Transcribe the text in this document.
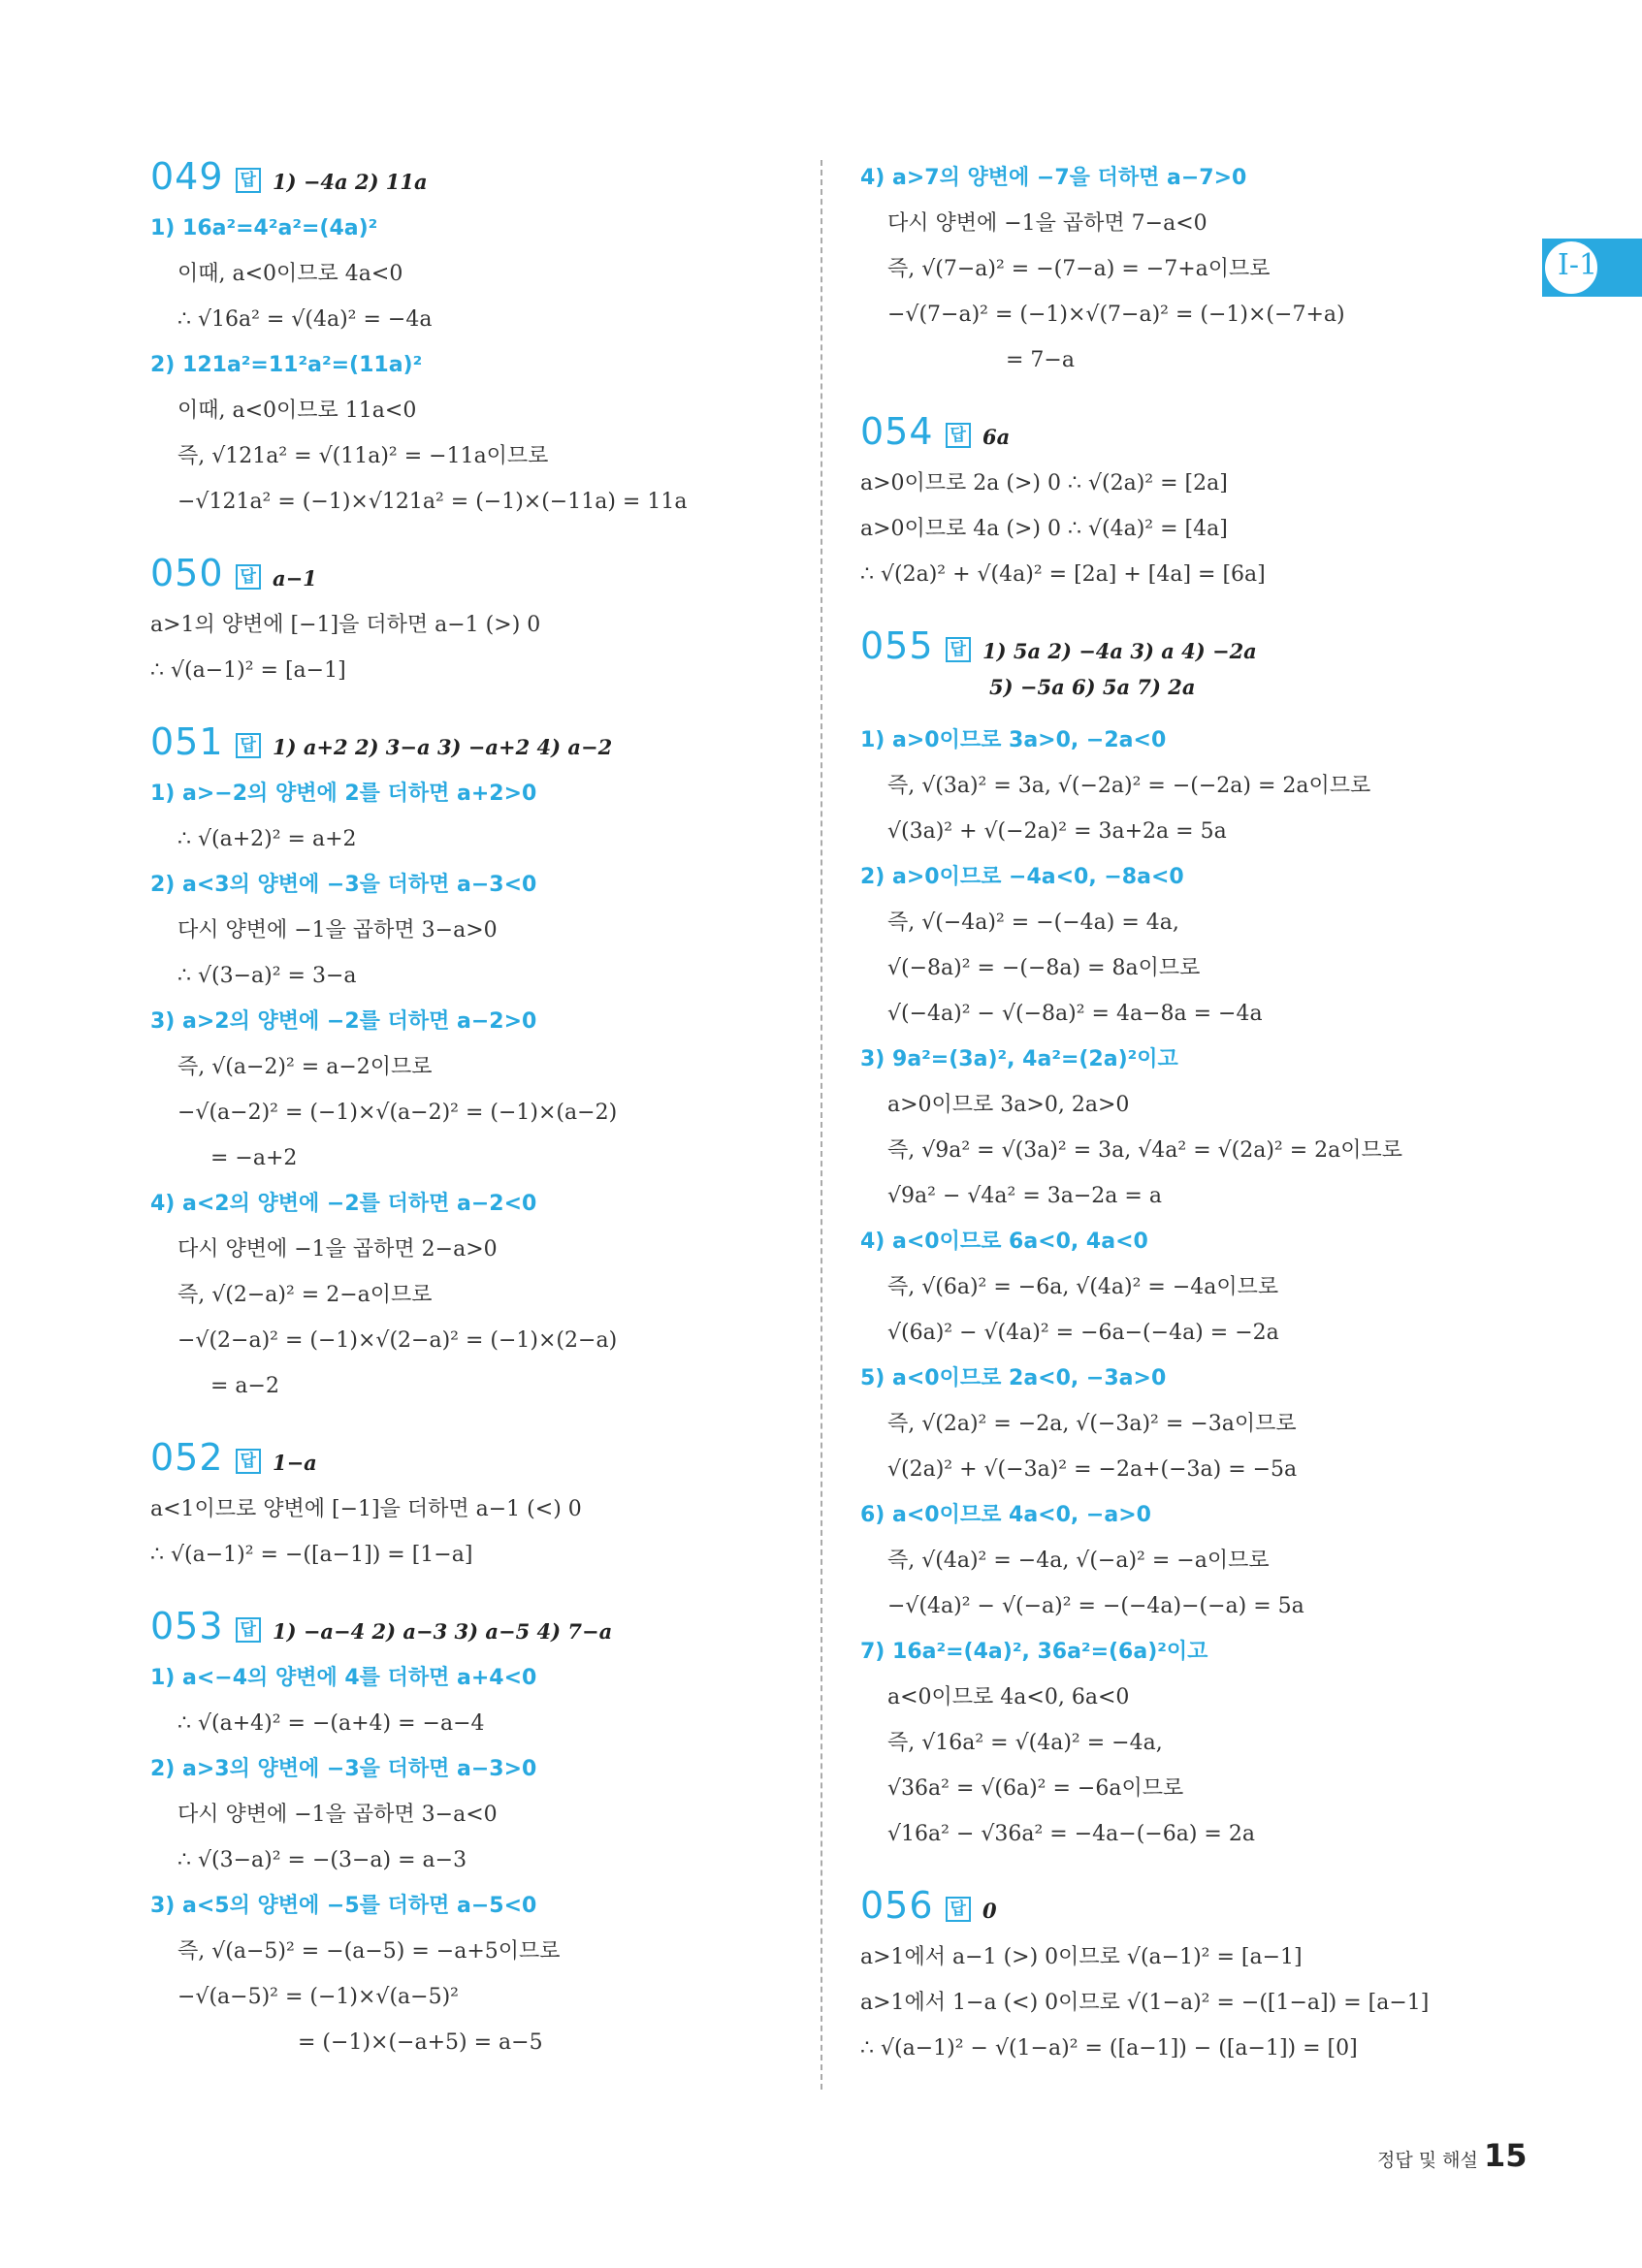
Ⅰ-1
049 답 1) −4a 2) 11a
1) 16a²=4²a²=(4a)²
이때, a<0이므로 4a<0
∴ √16a² = √(4a)² = −4a
2) 121a²=11²a²=(11a)²
이때, a<0이므로 11a<0
즉, √121a² = √(11a)² = −11a이므로
−√121a² = (−1)×√121a² = (−1)×(−11a) = 11a
050 답 a−1
a>1의 양변에 [−1]을 더하면 a−1 (>) 0
∴ √(a−1)² = [a−1]
051 답 1) a+2 2) 3−a 3) −a+2 4) a−2
1) a>−2의 양변에 2를 더하면 a+2>0
∴ √(a+2)² = a+2
2) a<3의 양변에 −3을 더하면 a−3<0
다시 양변에 −1을 곱하면 3−a>0
∴ √(3−a)² = 3−a
3) a>2의 양변에 −2를 더하면 a−2>0
즉, √(a−2)² = a−2이므로
−√(a−2)² = (−1)×√(a−2)² = (−1)×(a−2)
= −a+2
4) a<2의 양변에 −2를 더하면 a−2<0
다시 양변에 −1을 곱하면 2−a>0
즉, √(2−a)² = 2−a이므로
−√(2−a)² = (−1)×√(2−a)² = (−1)×(2−a)
= a−2
052 답 1−a
a<1이므로 양변에 [−1]을 더하면 a−1 (<) 0
∴ √(a−1)² = −([a−1]) = [1−a]
053 답 1) −a−4 2) a−3 3) a−5 4) 7−a
1) a<−4의 양변에 4를 더하면 a+4<0
∴ √(a+4)² = −(a+4) = −a−4
2) a>3의 양변에 −3을 더하면 a−3>0
다시 양변에 −1을 곱하면 3−a<0
∴ √(3−a)² = −(3−a) = a−3
3) a<5의 양변에 −5를 더하면 a−5<0
즉, √(a−5)² = −(a−5) = −a+5이므로
−√(a−5)² = (−1)×√(a−5)²
= (−1)×(−a+5) = a−5
4) a>7의 양변에 −7을 더하면 a−7>0
다시 양변에 −1을 곱하면 7−a<0
즉, √(7−a)² = −(7−a) = −7+a이므로
−√(7−a)² = (−1)×√(7−a)² = (−1)×(−7+a)
= 7−a
054 답 6a
a>0이므로 2a (>) 0 ∴ √(2a)² = [2a]
a>0이므로 4a (>) 0 ∴ √(4a)² = [4a]
∴ √(2a)² + √(4a)² = [2a] + [4a] = [6a]
055 답 1) 5a 2) −4a 3) a 4) −2a
5) −5a 6) 5a 7) 2a
1) a>0이므로 3a>0, −2a<0
즉, √(3a)² = 3a, √(−2a)² = −(−2a) = 2a이므로
√(3a)² + √(−2a)² = 3a+2a = 5a
2) a>0이므로 −4a<0, −8a<0
즉, √(−4a)² = −(−4a) = 4a,
√(−8a)² = −(−8a) = 8a이므로
√(−4a)² − √(−8a)² = 4a−8a = −4a
3) 9a²=(3a)², 4a²=(2a)²이고
a>0이므로 3a>0, 2a>0
즉, √9a² = √(3a)² = 3a, √4a² = √(2a)² = 2a이므로
√9a² − √4a² = 3a−2a = a
4) a<0이므로 6a<0, 4a<0
즉, √(6a)² = −6a, √(4a)² = −4a이므로
√(6a)² − √(4a)² = −6a−(−4a) = −2a
5) a<0이므로 2a<0, −3a>0
즉, √(2a)² = −2a, √(−3a)² = −3a이므로
√(2a)² + √(−3a)² = −2a+(−3a) = −5a
6) a<0이므로 4a<0, −a>0
즉, √(4a)² = −4a, √(−a)² = −a이므로
−√(4a)² − √(−a)² = −(−4a)−(−a) = 5a
7) 16a²=(4a)², 36a²=(6a)²이고
a<0이므로 4a<0, 6a<0
즉, √16a² = √(4a)² = −4a,
√36a² = √(6a)² = −6a이므로
√16a² − √36a² = −4a−(−6a) = 2a
056 답 0
a>1에서 a−1 (>) 0이므로 √(a−1)² = [a−1]
a>1에서 1−a (<) 0이므로 √(1−a)² = −([1−a]) = [a−1]
∴ √(a−1)² − √(1−a)² = ([a−1]) − ([a−1]) = [0]
정답 및 해설 15
